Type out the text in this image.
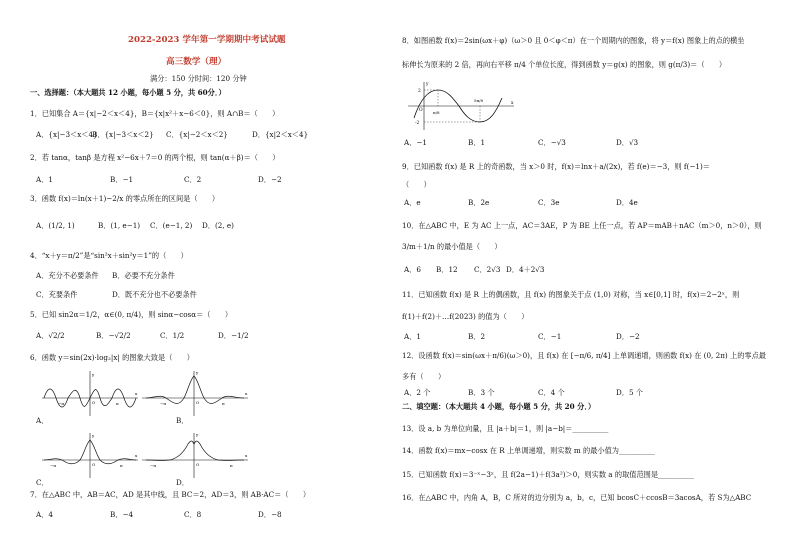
2022-2023 学年第一学期期中考试试题
高三数学（理）
满分：150 分时间：120 分钟
一、选择题：（本大题共 12 小题，每小题 5 分，共 60分．）
1．已知集合 A＝{x|−2＜x＜4}，B＝{x|x²＋x−6＜0}，则 A∩B＝（　　）
A．{x|−3＜x＜4}
B．{x|−3＜x＜2} C．{x|−2＜x＜2}	D．{x|2＜x＜4}
2．若 tanα，tanβ 是方程 x²−6x＋7＝0 的两个根，则 tan(α＋β)＝（　　）
A．1	B．−1	C．2	D．−2
3．函数 f(x)＝ln(x＋1)−2/x 的零点所在的区间是（　　）
A．(1/2, 1)	B．(1, e−1) C．(e−1, 2) D．(2, e)
4．“x＋y＝π/2”是“sin²x＋sin²y＝1”的（　　）
A．充分不必要条件 B．必要不充分条件
C．充要条件	D．既不充分也不必要条件
5．已知 sin2α＝1/2，α∈(0, π/4)，则 sinα−cosα＝（　　）
A．√2/2	B．−√2/2	C．1/2	D．−1/2
6．函数 y＝sin(2x)·log₂|x| 的图象大致是（　　）
y
x
O	π
−π
A．
y
x
O	π
−π
B．
y
x
O	π
−π
C．
y
x
O	π
−π
D．
7．在△ABC 中，AB＝AC，AD 是其中线，且 BC＝2，AD＝3，则 AB·AC＝（　　）
A．4	B．−4	C．8	D．−8
8．如图函数 f(x)＝2sin(ωx＋φ)（ω＞0 且 0＜φ＜π）在一个周期内的图象，将 y＝f(x) 图象上的点的横坐
标伸长为原来的 2 倍，再向右平移 π/4 个单位长度，得到函数 y＝g(x) 的图象，则 g(π/3)＝（　　）
2
-2
O	π/8
5π/8
x
y
A．−1	B．1	C．−√3	D．√3
9．已知函数 f(x) 是 R 上的奇函数，当 x＞0 时，f(x)＝lnx＋a/(2x)，若 f(e)＝−3，则 f(−1)＝
（　　）
A．e	B．2e	C．3e	D．4e
10．在△ABC 中，E 为 AC 上一点，AC＝3AE，P 为 BE 上任一点，若 AP＝mAB＋nAC（m＞0，n＞0），则
3/m＋1/n 的最小值是（　　）
A．6 B．12 C．2√3 D．4＋2√3
11．已知函数 f(x) 是 R 上的偶函数，且 f(x) 的图象关于点 (1,0) 对称，当 x∈[0,1] 时，f(x)＝2−2ˣ，则
f(1)＋f(2)＋…f(2023) 的值为（　　）
A．1	B．2	C．−1	D．−2
12．设函数 f(x)＝sin(ωx＋π/6)(ω＞0)，且 f(x) 在 [−π/6, π/4] 上单调递增，则函数 f(x) 在 (0, 2π) 上的零点最
多有（　　）
A．2 个	B．3 个	C．4 个	D．5 个
二、填空题：（本大题共 4 小题，每小题 5 分，共 20 分．）
13．设 a, b 为单位向量，且 |a＋b|＝1，则 |a−b|＝__________
14．函数 f(x)＝mx−cosx 在 R 上单调递增，则实数 m 的最小值为__________
15．已知函数 f(x)＝3⁻ˣ−3ˣ，且 f(2a−1)＋f(3a²)＞0，则实数 a 的取值范围是__________
16．在△ABC 中，内角 A，B，C 所对的边分别为 a，b，c，已知 bcosC＋ccosB＝3acosA，若 S为△ABC
